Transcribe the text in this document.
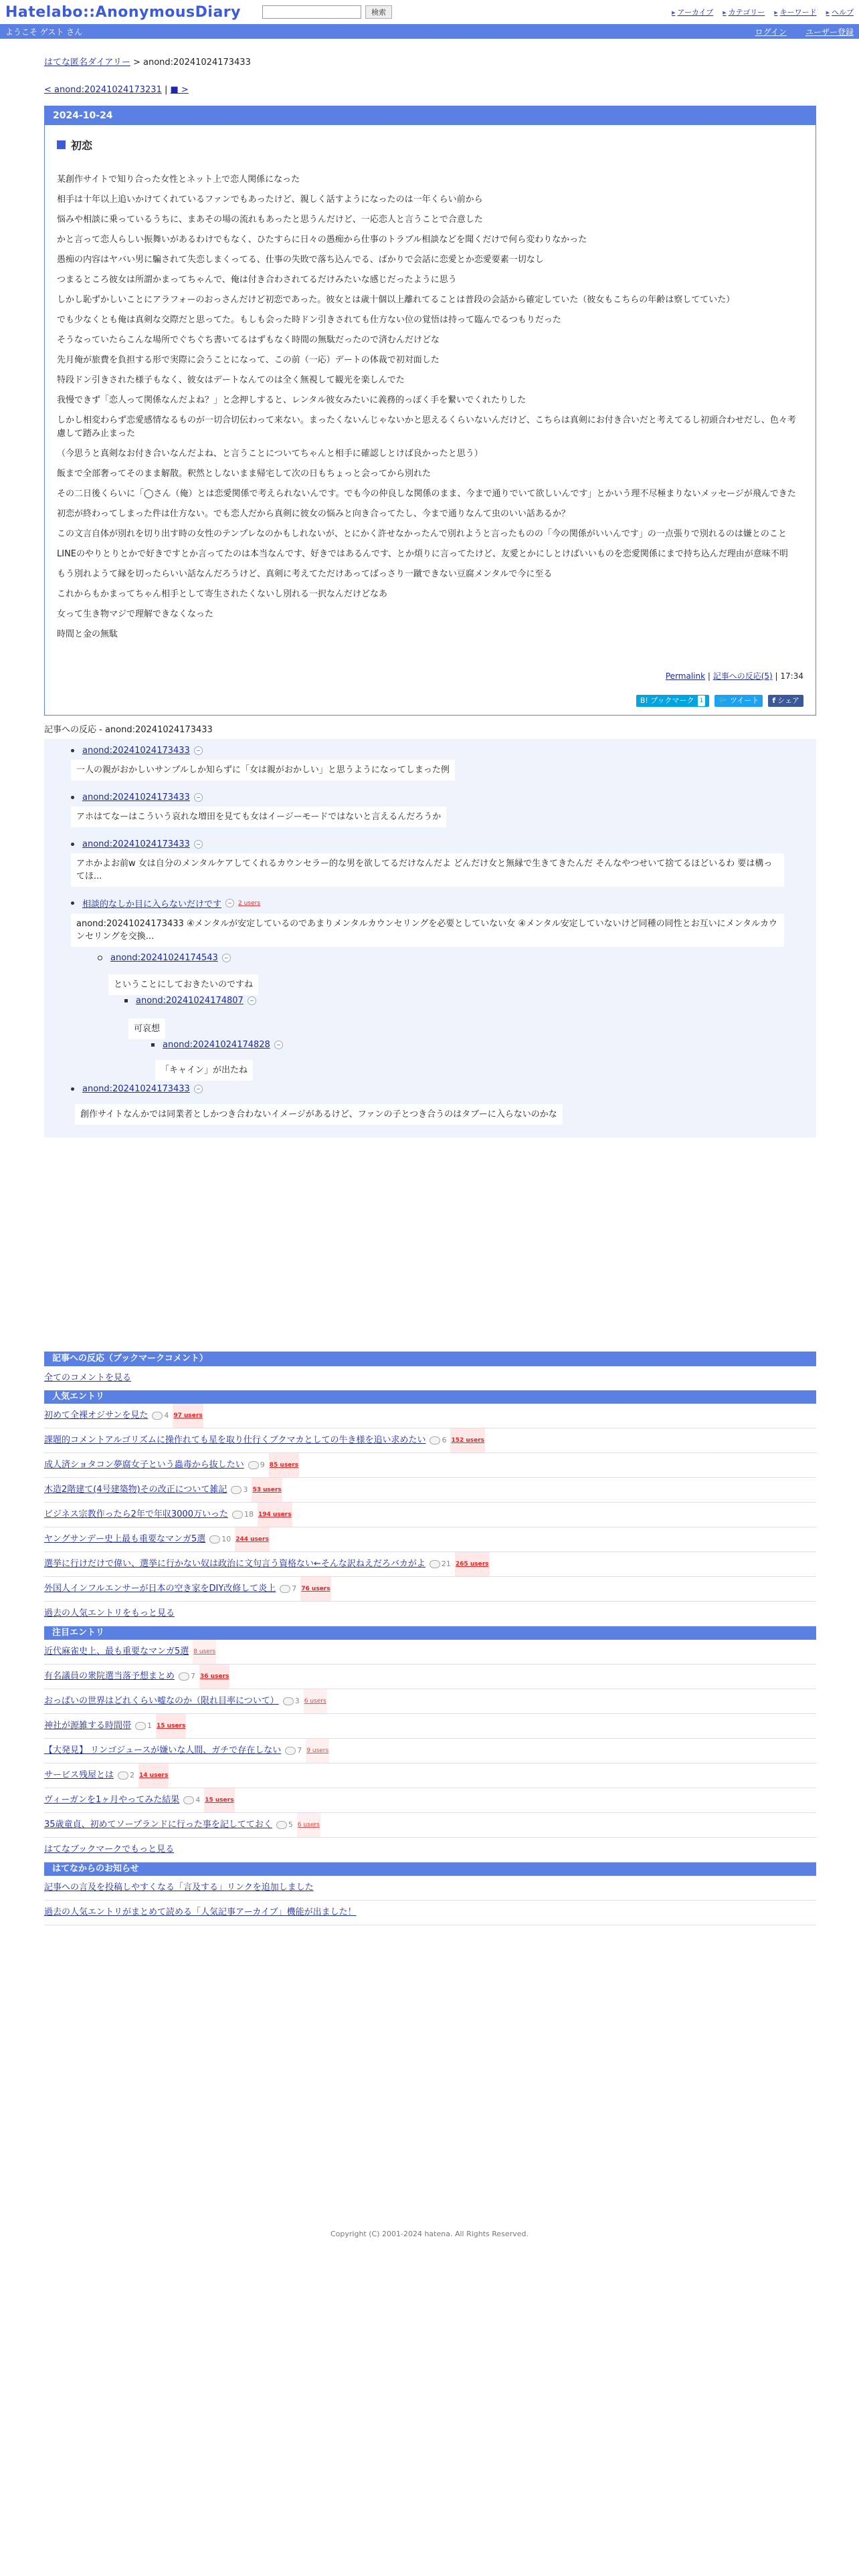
Hatelabo::AnonymousDiary	検索	▶ アーカイブ	▶ カテゴリー	▶ キーワード	▶ ヘルプ
ようこそ ゲスト さん	ログイン ユーザー登録
はてな匿名ダイアリー > anond:20241024173433
< anond:20241024173231 | ■ >
2024-10-24
初恋

某創作サイトで知り合った女性とネット上で恋人関係になった

相手は十年以上追いかけてくれているファンでもあったけど、親しく話すようになったのは一年くらい前から

悩みや相談に乗っているうちに、まあその場の流れもあったと思うんだけど、一応恋人と言うことで合意した

かと言って恋人らしい振舞いがあるわけでもなく、ひたすらに日々の愚痴から仕事のトラブル相談などを聞くだけで何ら変わりなかった

愚痴の内容はヤバい男に騙されて失恋しまくってる、仕事の失敗で落ち込んでる、ばかりで会話に恋愛とか恋愛要素一切なし

つまるところ彼女は所謂かまってちゃんで、俺は付き合わされてるだけみたいな感じだったように思う

しかし恥ずかしいことにアラフォーのおっさんだけど初恋であった。彼女とは歳十個以上離れてることは普段の会話から確定していた（彼女もこちらの年齢は察してていた）

でも少なくとも俺は真剣な交際だと思ってた。もしも会った時ドン引きされても仕方ない位の覚悟は持って臨んでるつもりだった

そうなっていたらこんな場所でぐちぐち書いてるはずもなく時間の無駄だったので済むんだけどな

先月俺が旅費を負担する形で実際に会うことになって、この前（一応）デートの体裁で初対面した

特段ドン引きされた様子もなく、彼女はデートなんてのは全く無視して観光を楽しんでた

我慢できず「恋人って関係なんだよね？」と念押しすると、レンタル彼女みたいに義務的っぽく手を繋いでくれたりした

しかし相変わらず恋愛感情なるものが一切合切伝わって来ない。まったくないんじゃないかと思えるくらいないんだけど、こちらは真剣にお付き合いだと考えてるし初頭合わせだし、色々考慮して踏み止まった

（今思うと真剣なお付き合いなんだよね、と言うことについてちゃんと相手に確認しとけば良かったと思う）

飯まで全部奢ってそのまま解散。釈然としないまま帰宅して次の日もちょっと会ってから別れた

その二日後くらいに「◯さん（俺）とは恋愛関係で考えられないんです。でも今の仲良しな関係のまま、今まで通りでいて欲しいんです」とかいう理不尽極まりないメッセージが飛んできた

初恋が終わってしまった件は仕方ない。でも恋人だから真剣に彼女の悩みと向き合ってたし、今まで通りなんて虫のいい話あるか？

この文言自体が別れを切り出す時の女性のテンプレなのかもしれないが、とにかく許せなかったんで別れようと言ったものの「今の関係がいいんです」の一点張りで別れるのは嫌とのこと

LINEのやりとりとかで好きですとか言ってたのは本当なんです、好きではあるんです、とか煩りに言ってたけど、友愛とかにしとけばいいものを恋愛関係にまで持ち込んだ理由が意味不明

もう別れようて縁を切ったらいい話なんだろうけど、真剣に考えてただけあってばっさり一蹴できない豆腐メンタルで今に至る

これからもかまってちゃん相手として寄生されたくないし別れる一択なんだけどなあ

女って生き物マジで理解できなくなった

時間と金の無駄

Permalink | 記事への反応(5) | 17:34
B! ブックマーク 1 🐦 ツイート f シェア
記事への反応 - anond:20241024173433
anond:20241024173433	−
一人の親がおかしいサンプルしか知らずに「女は親がおかしい」と思うようになってしまった例
anond:20241024173433	−
アホはてなーはこういう哀れな増田を見ても女はイージーモードではないと言えるんだろうか
anond:20241024173433	−
アホかよお前w 女は自分のメンタルケアしてくれるカウンセラー的な男を欲してるだけなんだよ どんだけ女と無縁で生きてきたんだ そんなやつせいて捨てるほどいるわ 要は構ってほ...
相談的なしか目に入らないだけです	−	2 users
anond:20241024173433 ④メンタルが安定しているのであまりメンタルカウンセリングを必要としていない女 ④メンタル安定していないけど同種の同性とお互いにメンタルカウンセリングを交換...
anond:20241024174543	−
ということにしておきたいのですね
anond:20241024174807	−
可哀想
anond:20241024174828	−
「キャイン」が出たね
anond:20241024173433	−
創作サイトなんかでは同業者としかつき合わないイメージがあるけど、ファンの子とつき合うのはタブーに入らないのかな
記事への反応（ブックマークコメント）
全てのコメントを見る
人気エントリ
初めて全裸オジサンを見た 4 97 users
課題的コメントアルゴリズムに操作れても星を取り仕行くブクマカとしての牛き様を追い求めたい 6 152 users
成人済ショタコン夢腐女子という蟲毒から抜したい 9 85 users
木造2階建て(4号建築物)その改正について雑記 3 53 users
ビジネス宗教作ったら2年で年収3000万いった 18 194 users
ヤングサンデー史上最も重要なマンガ5選 10 244 users
選挙に行けだけで偉い、選挙に行かない奴は政治に文句言う資格ない←そんな訳ねえだろバカがよ 21 265 users
外国人インフルエンサーが日本の空き家をDIY改修して炎上 7 76 users
過去の人気エントリをもっと見る
注目エントリ
近代麻雀史上、最も重要なマンガ5選 8 users
有名議員の衆院選当落予想まとめ 7 36 users
おっぱいの世界はどれくらい嘘なのか（限れ目率について） 3 6 users
神社が源雑する時間帯 1 15 users
【大発見】 リンゴジュースが嫌いな人間、ガチで存在しない 7 9 users
サービス残屋とは 2 14 users
ヴィーガンを1ヶ月やってみた結果 4 15 users
35歳童貞、初めてソープランドに行った事を記してておく 5 6 users
はてなブックマークでもっと見る
はてなからのお知らせ
記事への言及を投稿しやすくなる「言及する」リンクを追加しました
過去の人気エントリがまとめて読める「人気記事アーカイブ」機能が出ました！
Copyright (C) 2001-2024 hatena. All Rights Reserved.
